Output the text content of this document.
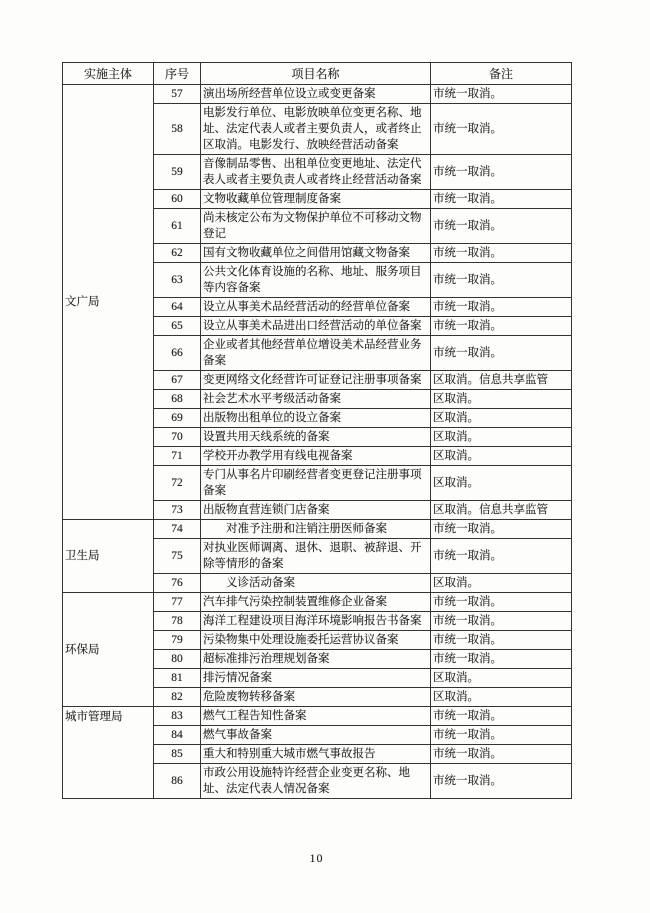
实施主体	序号	项目名称	备注
文广局	57	演出场所经营单位设立或变更备案	市统一取消。
	58	电影发行单位、电影放映单位变更名称、地址、法定代表人或者主要负责人，或者终止区取消。电影发行、放映经营活动备案	市统一取消。
	59	音像制品零售、出租单位变更地址、法定代表人或者主要负责人或者终止经营活动备案	市统一取消。
	60	文物收藏单位管理制度备案	市统一取消。
	61	尚未核定公布为文物保护单位不可移动文物登记	市统一取消。
	62	国有文物收藏单位之间借用馆藏文物备案	市统一取消。
	63	公共文化体育设施的名称、地址、服务项目等内容备案	市统一取消。
	64	设立从事美术品经营活动的经营单位备案	市统一取消。
	65	设立从事美术品进出口经营活动的单位备案	市统一取消。
	66	企业或者其他经营单位增设美术品经营业务备案	市统一取消。
	67	变更网络文化经营许可证登记注册事项备案	区取消。信息共享监管
	68	社会艺术水平考级活动备案	区取消。
	69	出版物出租单位的设立备案	区取消。
	70	设置共用天线系统的备案	区取消。
	71	学校开办教学用有线电视备案	区取消。
	72	专门从事名片印刷经营者变更登记注册事项备案	区取消。
	73	出版物直营连锁门店备案	区取消。信息共享监管
卫生局	74	　　对准予注册和注销注册医师备案	市统一取消。
	75	对执业医师调离、退休、退职、被辞退、开除等情形的备案	市统一取消。
	76	　　义诊活动备案	区取消。
环保局	77	汽车排气污染控制装置维修企业备案	市统一取消。
	78	海洋工程建设项目海洋环境影响报告书备案	市统一取消。
	79	污染物集中处理设施委托运营协议备案	市统一取消。
	80	超标准排污治理规划备案	市统一取消。
	81	排污情况备案	区取消。
	82	危险废物转移备案	区取消。
城市管理局	83	燃气工程告知性备案	市统一取消。
	84	燃气事故备案	市统一取消。
	85	重大和特别重大城市燃气事故报告	市统一取消。
	86	市政公用设施特许经营企业变更名称、地址、法定代表人情况备案	市统一取消。
10
